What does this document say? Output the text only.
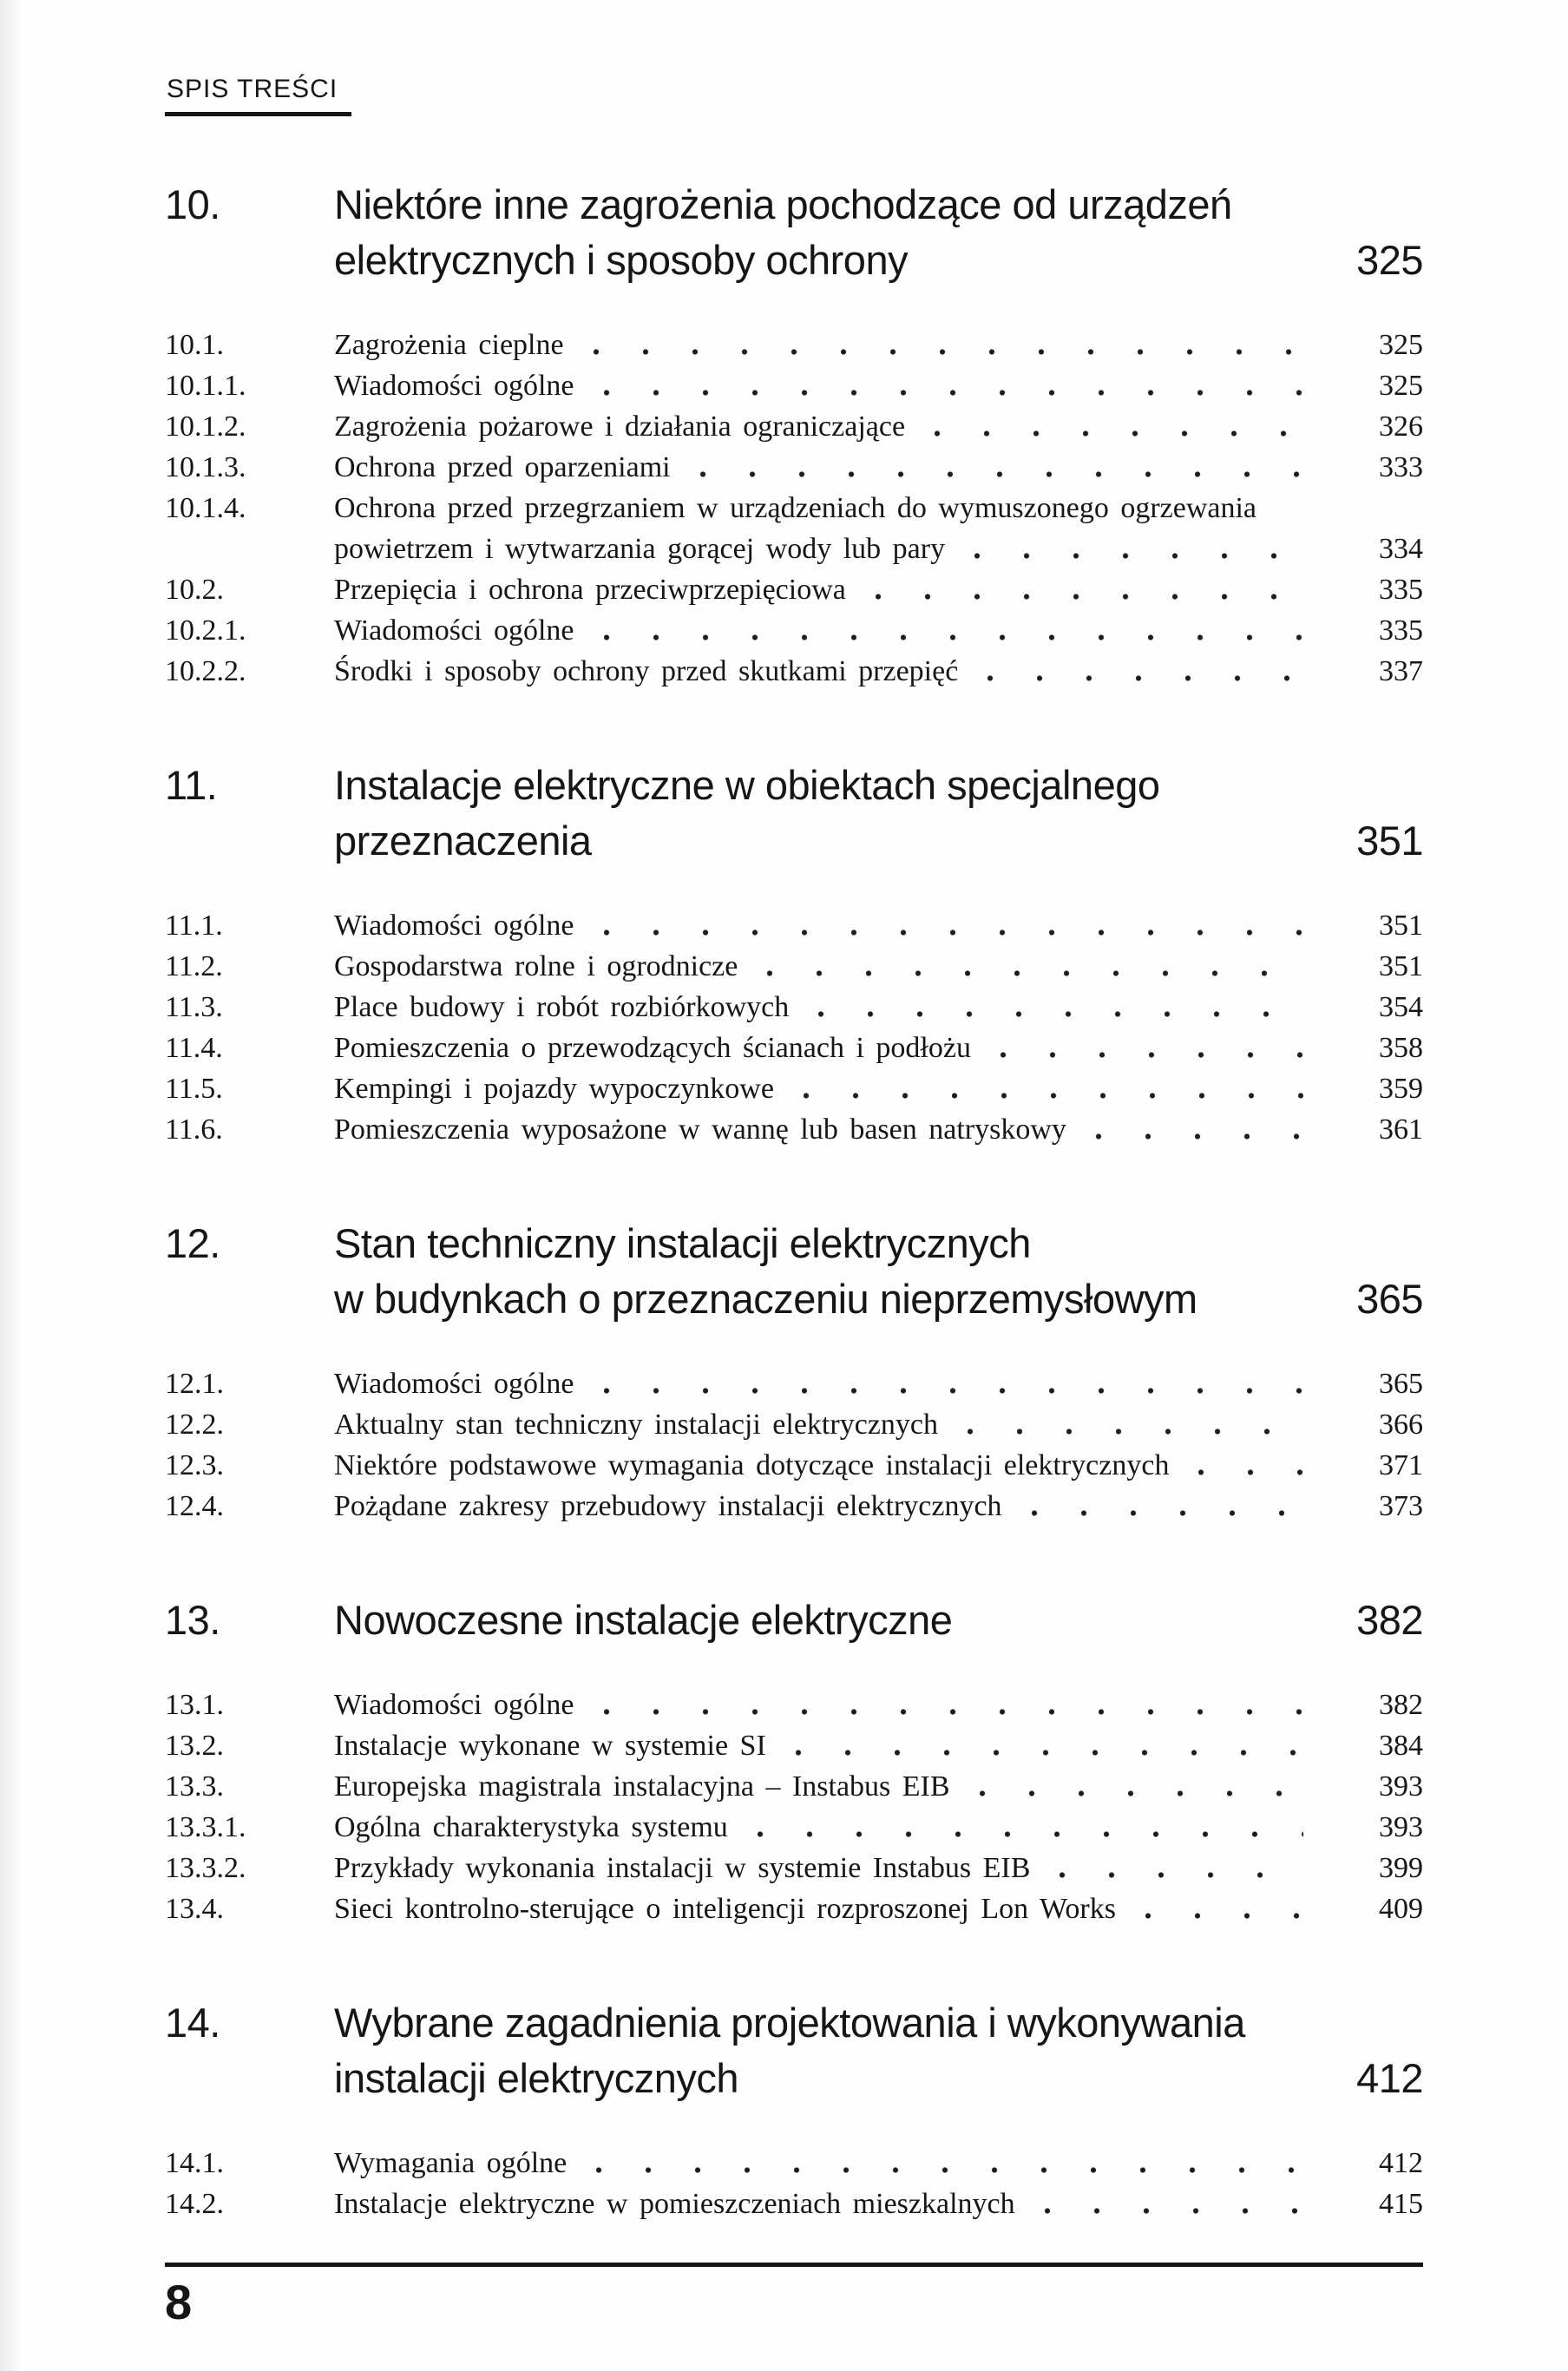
SPIS TREŚCI
10.	Niektóre inne zagrożenia pochodzące od urządzeń
elektrycznych i sposoby ochrony	325
10.1.	Zagrożenia cieplne	325
10.1.1.	Wiadomości ogólne	325
10.1.2.	Zagrożenia pożarowe i działania ograniczające	326
10.1.3.	Ochrona przed oparzeniami	333
10.1.4.	Ochrona przed przegrzaniem w urządzeniach do wymuszonego ogrzewania
powietrzem i wytwarzania gorącej wody lub pary	334
10.2.	Przepięcia i ochrona przeciwprzepięciowa	335
10.2.1.	Wiadomości ogólne	335
10.2.2.	Środki i sposoby ochrony przed skutkami przepięć	337
11.	Instalacje elektryczne w obiektach specjalnego
przeznaczenia	351
11.1.	Wiadomości ogólne	351
11.2.	Gospodarstwa rolne i ogrodnicze	351
11.3.	Place budowy i robót rozbiórkowych	354
11.4.	Pomieszczenia o przewodzących ścianach i podłożu	358
11.5.	Kempingi i pojazdy wypoczynkowe	359
11.6.	Pomieszczenia wyposażone w wannę lub basen natryskowy	361
12.	Stan techniczny instalacji elektrycznych
w budynkach o przeznaczeniu nieprzemysłowym	365
12.1.	Wiadomości ogólne	365
12.2.	Aktualny stan techniczny instalacji elektrycznych	366
12.3.	Niektóre podstawowe wymagania dotyczące instalacji elektrycznych	371
12.4.	Pożądane zakresy przebudowy instalacji elektrycznych	373
13.	Nowoczesne instalacje elektryczne	382
13.1.	Wiadomości ogólne	382
13.2.	Instalacje wykonane w systemie SI	384
13.3.	Europejska magistrala instalacyjna – Instabus EIB	393
13.3.1.	Ogólna charakterystyka systemu	393
13.3.2.	Przykłady wykonania instalacji w systemie Instabus EIB	399
13.4.	Sieci kontrolno-sterujące o inteligencji rozproszonej Lon Works	409
14.	Wybrane zagadnienia projektowania i wykonywania
instalacji elektrycznych	412
14.1.	Wymagania ogólne	412
14.2.	Instalacje elektryczne w pomieszczeniach mieszkalnych	415
8
